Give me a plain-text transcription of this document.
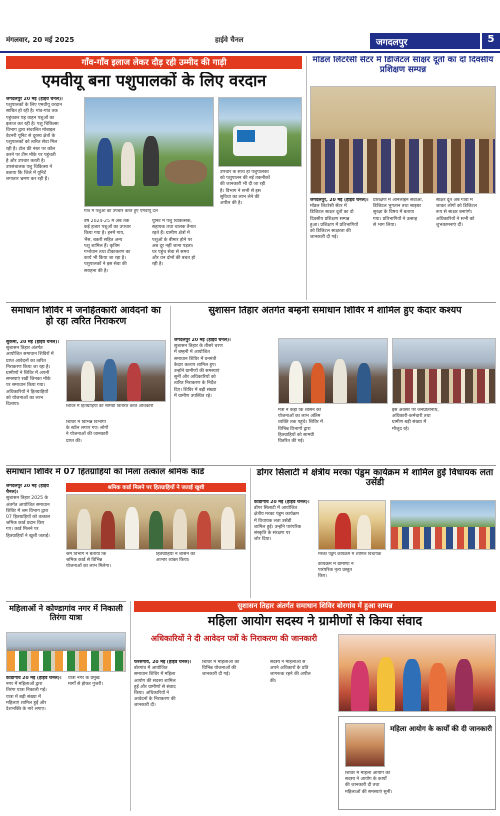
मंगलवार, 20 मई 2025	हाईवे चैनल	जगदलपुर	5
गाँव-गाँव इलाज लेकर दौड़ रही उम्मीद की गाड़ी
एमवीयू बना पशुपालकों के लिए वरदान
जगदलपुर 20 मई (हाईवे चैनल)।
पशुपालकों के लिए एमवीयू वरदान
साबित हो रही है। गांव-गांव तक
पहुंचकर यह वाहन पशुओं का
इलाज कर रही है। पशु चिकित्सा
विभाग द्वारा संचालित मोबाइल
वेटनरी यूनिट से दूरस्थ क्षेत्रों के
पशुपालकों को त्वरित सेवा मिल
रही है। टोल फ्री नंबर पर कॉल
करने पर टीम मौके पर पहुंचती
है और उपचार करती है।
उपसंचालक पशु चिकित्सा ने
बताया कि जिले में यूनिटें
लगातार भ्रमण कर रही हैं।
गांव में पशुओं का उपचार करते हुए एमवीयू दल
वर्ष 2024-25 में अब तक
कई हजार पशुओं का उपचार
किया गया है। इनमें गाय,
भैंस, बकरी सहित अन्य
पशु शामिल हैं। कृत्रिम
गर्भाधान तथा टीकाकरण का
कार्य भी किया जा रहा है।
पशुपालकों ने इस सेवा की
सराहना की है।
यूनिट में पशु चिकित्सक,
सहायक तथा चालक तैनात
रहते हैं। ग्रामीण क्षेत्रों में
पशुओं के बीमार होने पर
अब दूर नहीं जाना पड़ता।
घर पहुंच सेवा से समय
और धन दोनों की बचत हो
रही है।
उपचार के साथ ही पशुपालकों
को पशुपालन की नई तकनीकों
की जानकारी भी दी जा रही
है। विभाग ने सभी से इस
सुविधा का लाभ लेने की
अपील की है।
मॉडल लिटरेसी सेंटर में डिजिटल साक्षर दूतों का दो दिवसीय प्रशिक्षण सम्पन्न
जगदलपुर, 20 मई (हाईवे चैनल)।
मॉडल लिटरेसी सेंटर में
डिजिटल साक्षर दूतों का दो
दिवसीय प्रशिक्षण सम्पन्न
हुआ। प्रशिक्षण में प्रतिभागियों
को डिजिटल साक्षरता की
जानकारी दी गई।
प्रशिक्षण में ऑनलाइन सेवाओं,
डिजिटल भुगतान तथा साइबर
सुरक्षा के विषय में बताया
गया। प्रतिभागियों ने उत्साह
से भाग लिया।
साक्षर दूत अब गांवों में
जाकर लोगों को डिजिटल
रूप से साक्षर बनाएंगे।
अधिकारियों ने सभी को
शुभकामनाएं दीं।
समाधान शिविर में जनहितकारी आवेदनों का हो रहा त्वरित निराकरण
सुकमा, 20 मई (हाईवे चैनल)।
सुशासन तिहार अंतर्गत
आयोजित समाधान शिविरों में
प्राप्त आवेदनों का त्वरित
निराकरण किया जा रहा है।
ग्रामीणों ने शिविर में अपनी
समस्याएं रखीं जिनका मौके
पर समाधान किया गया।
अधिकारियों ने हितग्राहियों
को योजनाओं का लाभ
दिलाया।	शिविर में हितग्राहियों को सामग्री वितरित करते अधिकारी
शिविर में विभिन्न विभागों
के स्टॉल लगाए गए। लोगों
ने योजनाओं की जानकारी
प्राप्त की।
सुशासन तिहार अंतर्गत बम्हनी समाधान शिविर में शामिल हुए केदार कश्यप
जगदलपुर 20 मई (हाईवे चैनल)।
सुशासन तिहार के तीसरे चरण
में बम्हनी में आयोजित
समाधान शिविर में वनमंत्री
केदार कश्यप शामिल हुए।
उन्होंने ग्रामीणों की समस्याएं
सुनीं और अधिकारियों को
त्वरित निराकरण के निर्देश
दिए। शिविर में बड़ी संख्या
में ग्रामीण उपस्थित रहे।
मंत्री ने कहा कि शासन की
योजनाओं का लाभ अंतिम
व्यक्ति तक पहुंचे। शिविर में
विभिन्न विभागों द्वारा
हितग्राहियों को सामग्री
वितरित की गई।
इस अवसर पर जनप्रतिनिधि,
अधिकारी-कर्मचारी तथा
ग्रामीण बड़ी संख्या में
मौजूद रहे।
समाधान शिविर में 07 हितग्राहियों को मिला तत्काल श्रमिक कार्ड
श्रमिक कार्ड मिलने पर हितग्राहियों ने जताई खुशी
जगदलपुर 20 मई (हाईवे चैनल)।
सुशासन तिहार 2025 के
अंतर्गत आयोजित समाधान
शिविर में श्रम विभाग द्वारा
07 हितग्राहियों को तत्काल
श्रमिक कार्ड प्रदान किए
गए। कार्ड मिलने पर
हितग्राहियों ने खुशी जताई।
श्रम विभाग ने बताया कि
श्रमिक कार्ड से विभिन्न
योजनाओं का लाभ मिलेगा।
हितग्राहियों ने शासन का
आभार व्यक्त किया।
डोंगर सिलाटी में क्षेत्रीय मरका पंडुम कार्यक्रम में शामिल हुईं विधायक लता उसेंडी
कोंडागांव 20 मई (हाईवे चैनल)।
डोंगर सिलाटी में आयोजित
क्षेत्रीय मरका पंडुम कार्यक्रम
में विधायक लता उसेंडी
शामिल हुईं। उन्होंने पारंपरिक
संस्कृति के संरक्षण पर
जोर दिया।
मरका पंडुम कार्यक्रम में शामिल विधायक
कार्यक्रम में ग्रामीणों ने
पारंपरिक नृत्य प्रस्तुत
किए।
महिलाओं ने कोण्डागांव नगर में निकाली तिरंगा यात्रा
कोंडागांव 20 मई (हाईवे चैनल)।
नगर में महिलाओं द्वारा
तिरंगा यात्रा निकाली गई।
यात्रा में बड़ी संख्या में
महिलाएं शामिल हुईं और
देशभक्ति के नारे लगाए।
यात्रा नगर के प्रमुख
मार्गों से होकर गुजरी।
सुशासन तिहार अंतर्गत समाधान शिविर बोरगांव में हुआ सम्पन्न
महिला आयोग सदस्य ने ग्रामीणों से किया संवाद
अधिकारियों ने दी आवेदन पत्रों के निराकरण की जानकारी
फरसगांव, 20 मई (हाईवे चैनल)।
बोरगांव में आयोजित
समाधान शिविर में महिला
आयोग की सदस्य शामिल
हुईं और ग्रामीणों से संवाद
किया। अधिकारियों ने
आवेदनों के निराकरण की
जानकारी दी।
शिविर में महिलाओं को
विभिन्न योजनाओं की
जानकारी दी गई।
सदस्य ने महिलाओं से
अपने अधिकारों के प्रति
जागरूक रहने की अपील
की।
महिला आयोग के कार्यों की दी जानकारी
शिविर में महिला आयोग की
सदस्य ने आयोग के कार्यों
की जानकारी दी तथा
महिलाओं की समस्याएं सुनीं।
